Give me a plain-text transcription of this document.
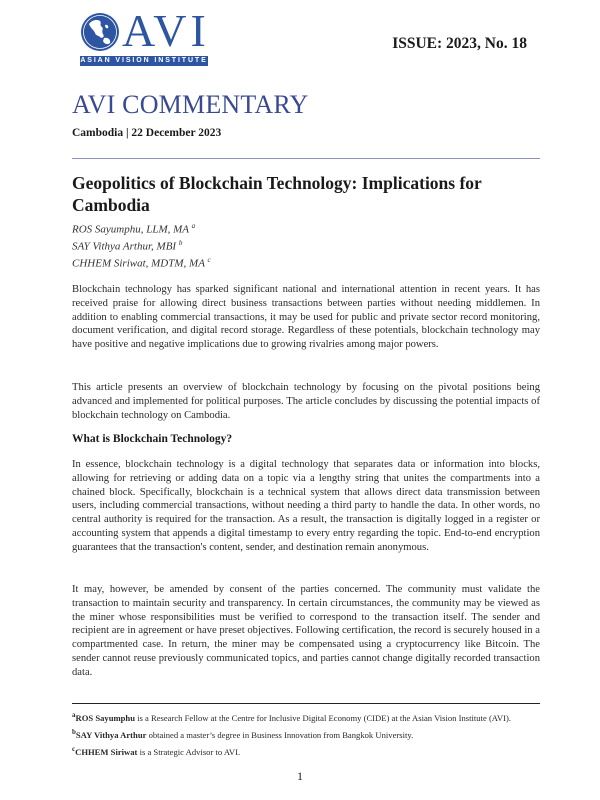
AVI
ASIAN VISION INSTITUTE
ISSUE: 2023, No. 18
AVI COMMENTARY
Cambodia | 22 December 2023
Geopolitics of Blockchain Technology: Implications for Cambodia
ROS Sayumphu, LLM, MA $^a$
SAY Vithya Arthur, MBI $^b$
CHHEM Siriwat, MDTM, MA $^c$
Blockchain technology has sparked significant national and international attention in recent years. It has received praise for allowing direct business transactions between parties without needing middlemen. In addition to enabling commercial transactions, it may be used for public and private sector record monitoring, document verification, and digital record storage. Regardless of these potentials, blockchain technology may have positive and negative implications due to growing rivalries among major powers.
This article presents an overview of blockchain technology by focusing on the pivotal positions being advanced and implemented for political purposes. The article concludes by discussing the potential impacts of blockchain technology on Cambodia.
What is Blockchain Technology?
In essence, blockchain technology is a digital technology that separates data or information into blocks, allowing for retrieving or adding data on a topic via a lengthy string that unites the compartments into a chained block. Specifically, blockchain is a technical system that allows direct data transmission between users, including commercial transactions, without needing a third party to handle the data. In other words, no central authority is required for the transaction. As a result, the transaction is digitally logged in a register or accounting system that appends a digital timestamp to every entry regarding the topic. End-to-end encryption guarantees that the transaction's content, sender, and destination remain anonymous.
It may, however, be amended by consent of the parties concerned. The community must validate the transaction to maintain security and transparency. In certain circumstances, the community may be viewed as the miner whose responsibilities must be verified to correspond to the transaction itself. The sender and recipient are in agreement or have preset objectives. Following certification, the record is securely housed in a compartmented case. In return, the miner may be compensated using a cryptocurrency like Bitcoin. The sender cannot reuse previously communicated topics, and parties cannot change digitally recorded transaction data.
$^a$ROS Sayumphu is a Research Fellow at the Centre for Inclusive Digital Economy (CIDE) at the Asian Vision Institute (AVI).
$^b$SAY Vithya Arthur obtained a master’s degree in Business Innovation from Bangkok University.
$^c$CHHEM Siriwat is a Strategic Advisor to AVI.
1
